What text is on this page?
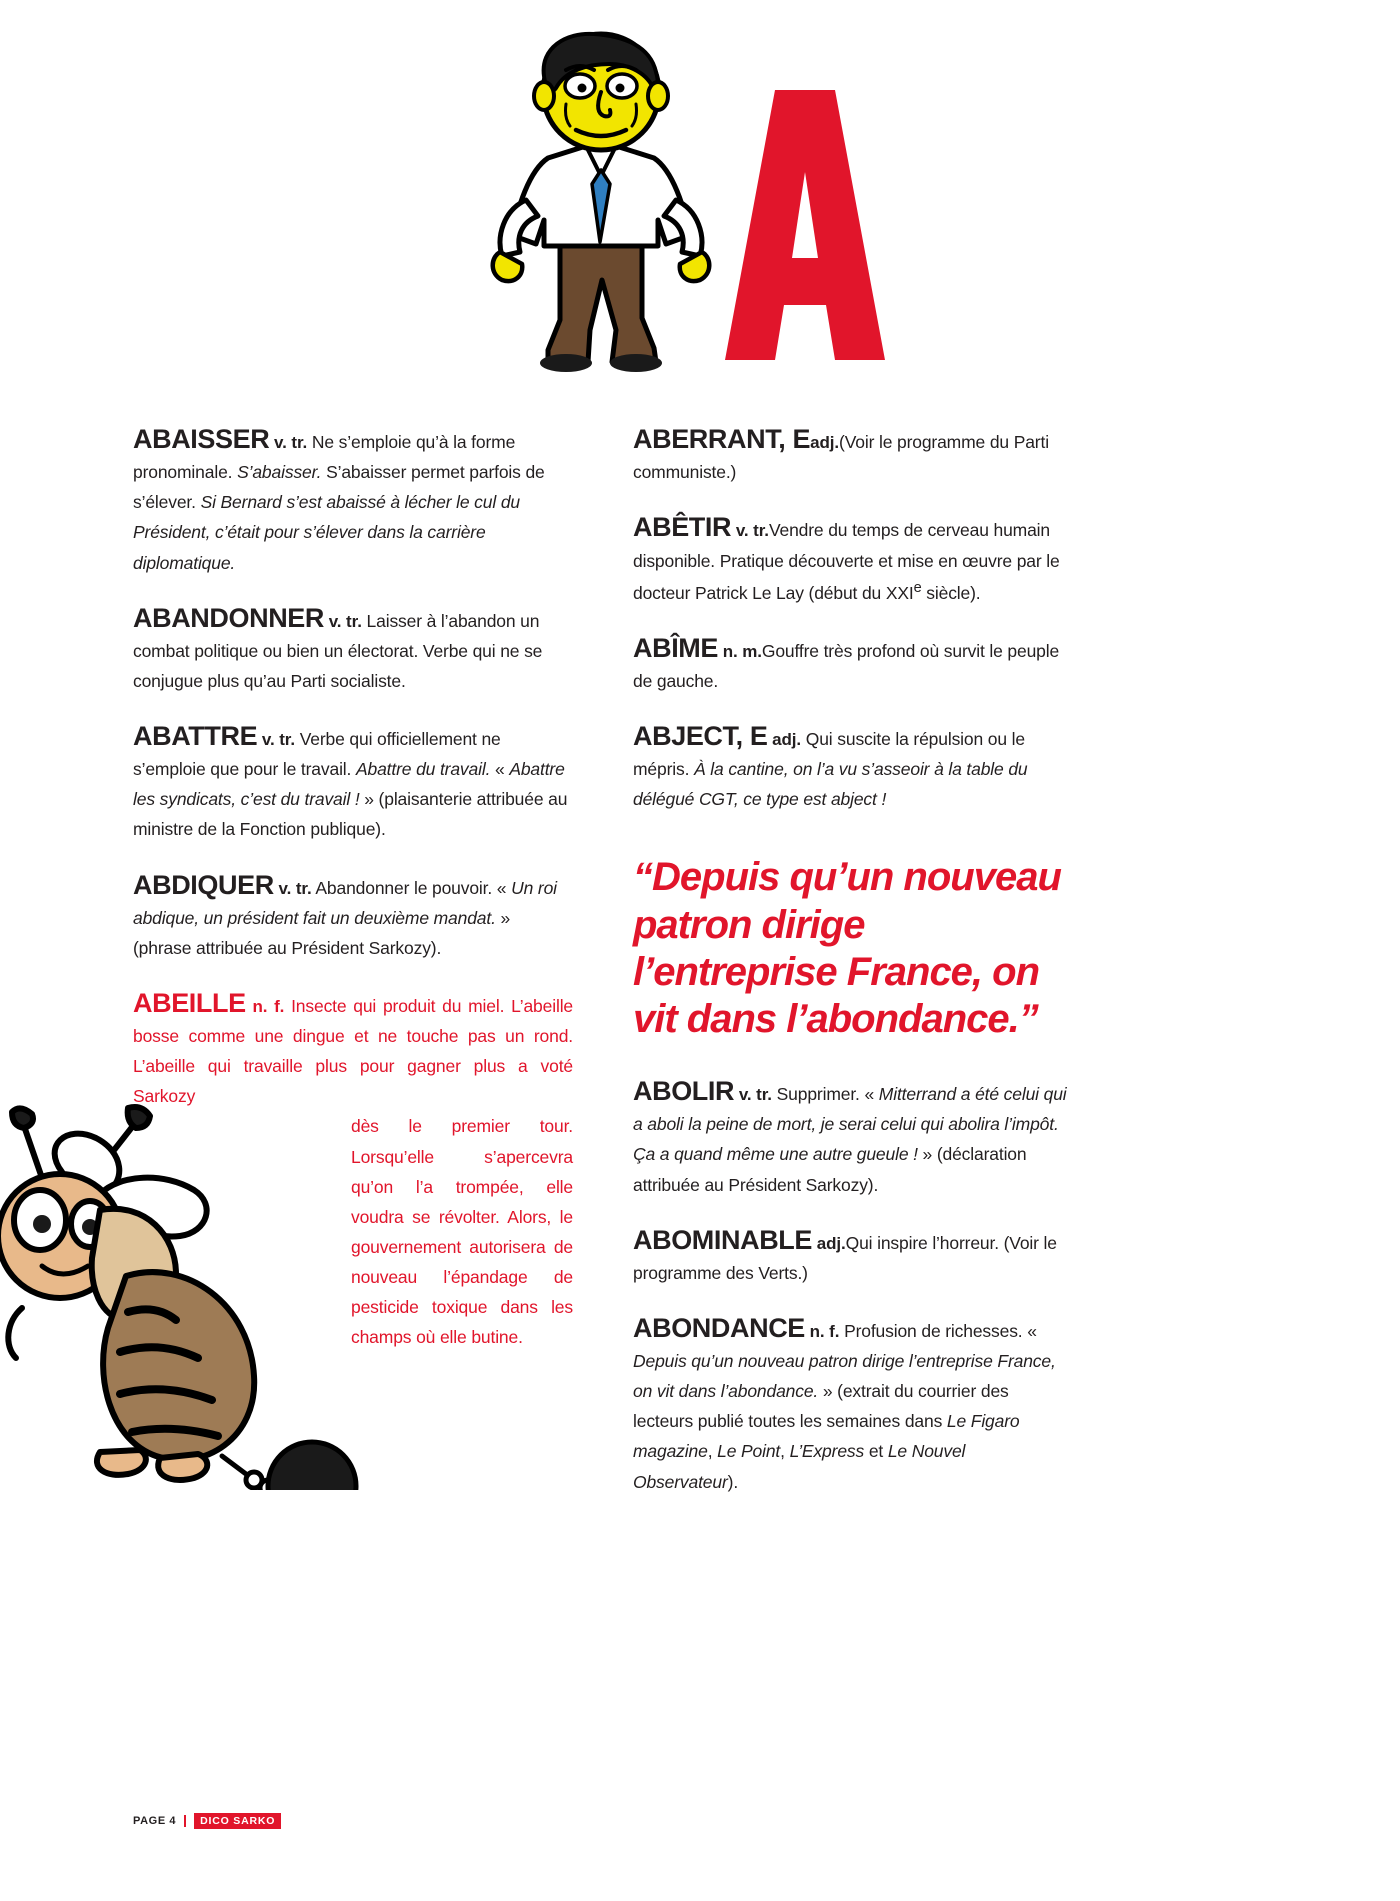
ABAISSER v. tr. Ne s’emploie qu’à la forme pronominale. S’abaisser. S’abaisser permet parfois de s’élever. Si Bernard s’est abaissé à lécher le cul du Président, c’était pour s’élever dans la carrière diplomatique.

ABANDONNER v. tr. Laisser à l’abandon un combat politique ou bien un électorat. Verbe qui ne se conjugue plus qu’au Parti socialiste.

ABATTRE v. tr. Verbe qui officiellement ne s’emploie que pour le travail. Abattre du travail. « Abattre les syndicats, c’est du travail ! » (plaisanterie attribuée au ministre de la Fonction publique).

ABDIQUER v. tr. Abandonner le pouvoir. « Un roi abdique, un président fait un deuxième mandat. » (phrase attribuée au Président Sarkozy).

ABEILLE n. f. Insecte qui produit du miel. L’abeille bosse comme une dingue et ne touche pas un rond. L’abeille qui travaille plus pour gagner plus a voté Sarkozy

dès le premier tour. Lorsqu’elle s’apercevra qu’on l’a trompée, elle voudra se révolter. Alors, le gouvernement autorisera de nouveau l’épandage de pesticide toxique dans les champs où elle butine.

ABERRANT, Eadj.(Voir le programme du Parti communiste.)

ABÊTIR v. tr.Vendre du temps de cerveau humain disponible. Pratique découverte et mise en œuvre par le docteur Patrick Le Lay (début du XXIe siècle).

ABÎME n. m.Gouffre très profond où survit le peuple de gauche.

ABJECT, E adj. Qui suscite la répulsion ou le mépris. À la cantine, on l’a vu s’asseoir à la table du délégué CGT, ce type est abject !

“Depuis qu’un nouveau patron dirige l’entreprise France, on vit dans l’abondance.”

ABOLIR v. tr. Supprimer. « Mitterrand a été celui qui a aboli la peine de mort, je serai celui qui abolira l’impôt. Ça a quand même une autre gueule ! » (déclaration attribuée au Président Sarkozy).

ABOMINABLE adj.Qui inspire l’horreur. (Voir le programme des Verts.)

ABONDANCE n. f. Profusion de richesses. « Depuis qu’un nouveau patron dirige l’entreprise France, on vit dans l’abondance. » (extrait du courrier des lecteurs publié toutes les semaines dans Le Figaro magazine, Le Point, L’Express et Le Nouvel Observateur).

PAGE 4	DICO SARKO
